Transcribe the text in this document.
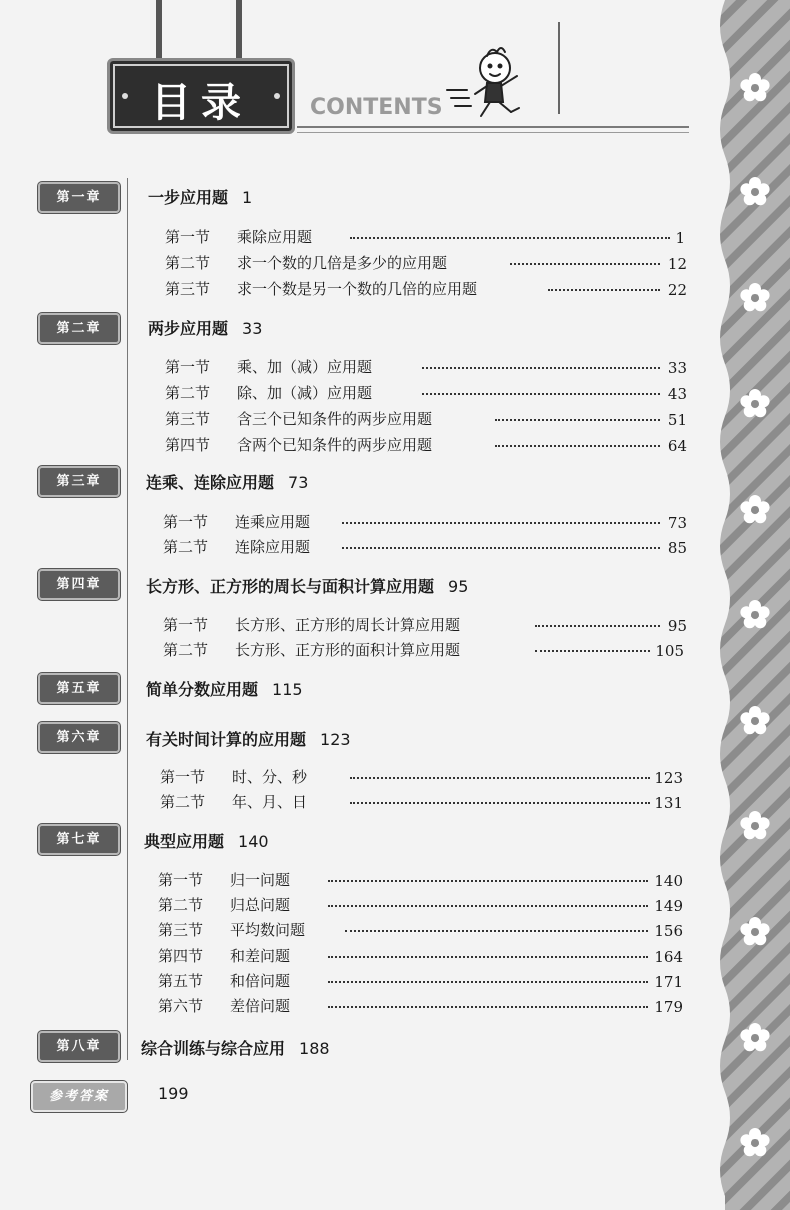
目录	CONTENTS
第一章	一步应用题 1
第一节 乘除应用题	1
第二节 求一个数的几倍是多少的应用题	12
第三节 求一个数是另一个数的几倍的应用题	22
第二章	两步应用题 33
第一节 乘、加（减）应用题	33
第二节 除、加（减）应用题	43
第三节 含三个已知条件的两步应用题	51
第四节 含两个已知条件的两步应用题	64
第三章	连乘、连除应用题 73
第一节 连乘应用题	73
第二节 连除应用题	85
第四章	长方形、正方形的周长与面积计算应用题 95
第一节 长方形、正方形的周长计算应用题	95
第二节 长方形、正方形的面积计算应用题	105
第五章	简单分数应用题 115
第六章	有关时间计算的应用题 123
第一节 时、分、秒	123
第二节 年、月、日	131
第七章	典型应用题 140
第一节 归一问题	140
第二节 归总问题	149
第三节 平均数问题	156
第四节 和差问题	164
第五节 和倍问题	171
第六节 差倍问题	179
第八章	综合训练与综合应用 188
参考答案	199
